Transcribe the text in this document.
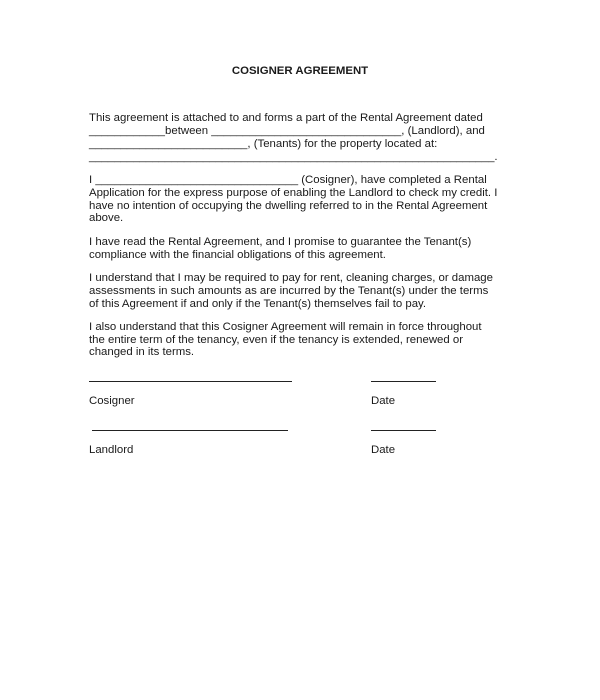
COSIGNER AGREEMENT
This agreement is attached to and forms a part of the Rental Agreement dated
____________between ______________________________, (Landlord), and
_________________________, (Tenants) for the property located at:
________________________________________________________________.
I ________________________________ (Cosigner), have completed a Rental
Application for the express purpose of enabling the Landlord to check my credit. I
have no intention of occupying the dwelling referred to in the Rental Agreement
above.
I have read the Rental Agreement, and I promise to guarantee the Tenant(s)
compliance with the financial obligations of this agreement.
I understand that I may be required to pay for rent, cleaning charges, or damage
assessments in such amounts as are incurred by the Tenant(s) under the terms
of this Agreement if and only if the Tenant(s) themselves fail to pay.
I also understand that this Cosigner Agreement will remain in force throughout
the entire term of the tenancy, even if the tenancy is extended, renewed or
changed in its terms.
Cosigner	Date
Landlord	Date
